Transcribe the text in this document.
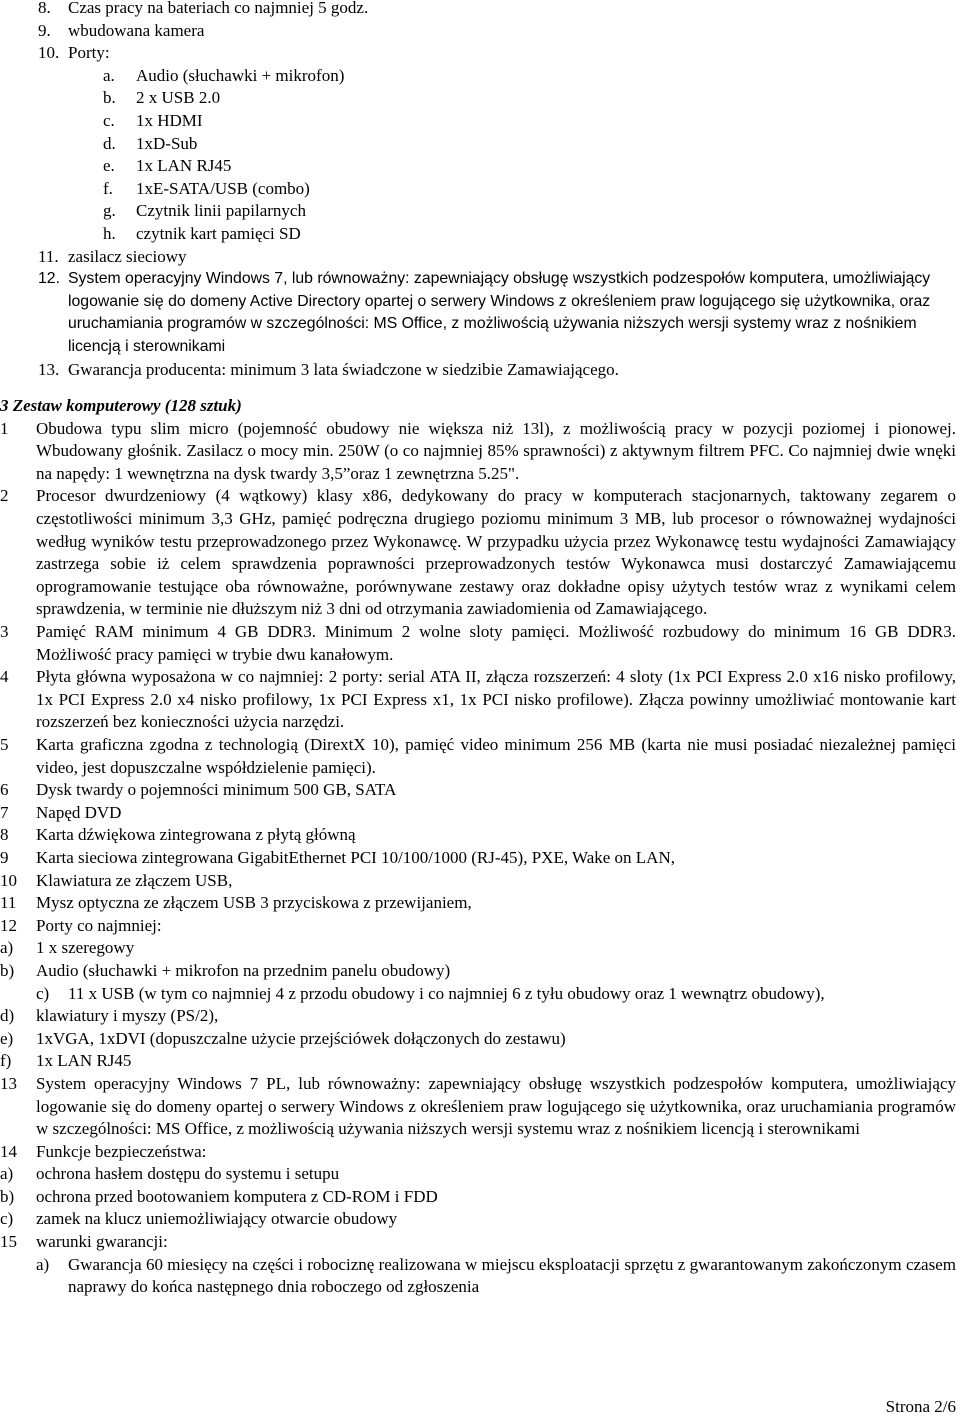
8. Czas pracy na bateriach co najmniej 5 godz.
9. wbudowana kamera
10. Porty:
a. Audio (słuchawki + mikrofon)
b. 2 x USB 2.0
c. 1x HDMI
d. 1xD-Sub
e. 1x LAN RJ45
f. 1xE-SATA/USB (combo)
g. Czytnik linii papilarnych
h. czytnik kart pamięci SD
11. zasilacz sieciowy
12. System operacyjny Windows 7, lub równoważny: zapewniający obsługę wszystkich podzespołów komputera, umożliwiający logowanie się do domeny Active Directory opartej o serwery Windows z określeniem praw logującego się użytkownika, oraz uruchamiania programów w szczególności: MS Office, z możliwością używania niższych wersji systemy wraz z nośnikiem licencją i sterownikami
13. Gwarancja producenta: minimum 3 lata świadczone w siedzibie Zamawiającego.
3 Zestaw komputerowy (128 sztuk)
1 Obudowa typu slim micro (pojemność obudowy nie większa niż 13l), z możliwością pracy w pozycji poziomej i pionowej. Wbudowany głośnik. Zasilacz o mocy min. 250W (o co najmniej 85% sprawności) z aktywnym filtrem PFC. Co najmniej dwie wnęki na napędy: 1 wewnętrzna na dysk twardy 3,5”oraz 1 zewnętrzna 5.25".
2 Procesor dwurdzeniowy (4 wątkowy) klasy x86, dedykowany do pracy w komputerach stacjonarnych, taktowany zegarem o częstotliwości minimum 3,3 GHz, pamięć podręczna drugiego poziomu minimum 3 MB, lub procesor o równoważnej wydajności według wyników testu przeprowadzonego przez Wykonawcę. W przypadku użycia przez Wykonawcę testu wydajności Zamawiający zastrzega sobie iż celem sprawdzenia poprawności przeprowadzonych testów Wykonawca musi dostarczyć Zamawiającemu oprogramowanie testujące oba równoważne, porównywane zestawy oraz dokładne opisy użytych testów wraz z wynikami celem sprawdzenia, w terminie nie dłuższym niż 3 dni od otrzymania zawiadomienia od Zamawiającego.
3 Pamięć RAM minimum 4 GB DDR3. Minimum 2 wolne sloty pamięci. Możliwość rozbudowy do minimum 16 GB DDR3. Możliwość pracy pamięci w trybie dwu kanałowym.
4 Płyta główna wyposażona w co najmniej: 2 porty: serial ATA II, złącza rozszerzeń: 4 sloty (1x PCI Express 2.0 x16 nisko profilowy, 1x PCI Express 2.0 x4 nisko profilowy, 1x PCI Express x1, 1x PCI nisko profilowe). Złącza powinny umożliwiać montowanie kart rozszerzeń bez konieczności użycia narzędzi.
5 Karta graficzna zgodna z technologią (DirextX 10), pamięć video minimum 256 MB (karta nie musi posiadać niezależnej pamięci video, jest dopuszczalne współdzielenie pamięci).
6 Dysk twardy o pojemności minimum 500 GB, SATA
7 Napęd DVD
8 Karta dźwiękowa zintegrowana z płytą główną
9 Karta sieciowa zintegrowana GigabitEthernet PCI 10/100/1000 (RJ-45), PXE, Wake on LAN,
10 Klawiatura ze złączem USB,
11 Mysz optyczna ze złączem USB 3 przyciskowa z przewijaniem,
12 Porty co najmniej:
a) 1 x szeregowy
b) Audio (słuchawki + mikrofon na przednim panelu obudowy)
c) 11 x USB (w tym co najmniej 4 z przodu obudowy i co najmniej 6 z tyłu obudowy oraz 1 wewnątrz obudowy),
d) klawiatury i myszy (PS/2),
e) 1xVGA, 1xDVI (dopuszczalne użycie przejściówek dołączonych do zestawu)
f) 1x LAN RJ45
13 System operacyjny Windows 7 PL, lub równoważny: zapewniający obsługę wszystkich podzespołów komputera, umożliwiający logowanie się do domeny opartej o serwery Windows z określeniem praw logującego się użytkownika, oraz uruchamiania programów w szczególności: MS Office, z możliwością używania niższych wersji systemu wraz z nośnikiem licencją i sterownikami
14 Funkcje bezpieczeństwa:
a) ochrona hasłem dostępu do systemu i setupu
b) ochrona przed bootowaniem komputera z CD-ROM i FDD
c) zamek na klucz uniemożliwiający otwarcie obudowy
15 warunki gwarancji:
a) Gwarancja 60 miesięcy na części i robociznę realizowana w miejscu eksploatacji sprzętu z gwarantowanym zakończonym czasem naprawy do końca następnego dnia roboczego od zgłoszenia
Strona 2/6
